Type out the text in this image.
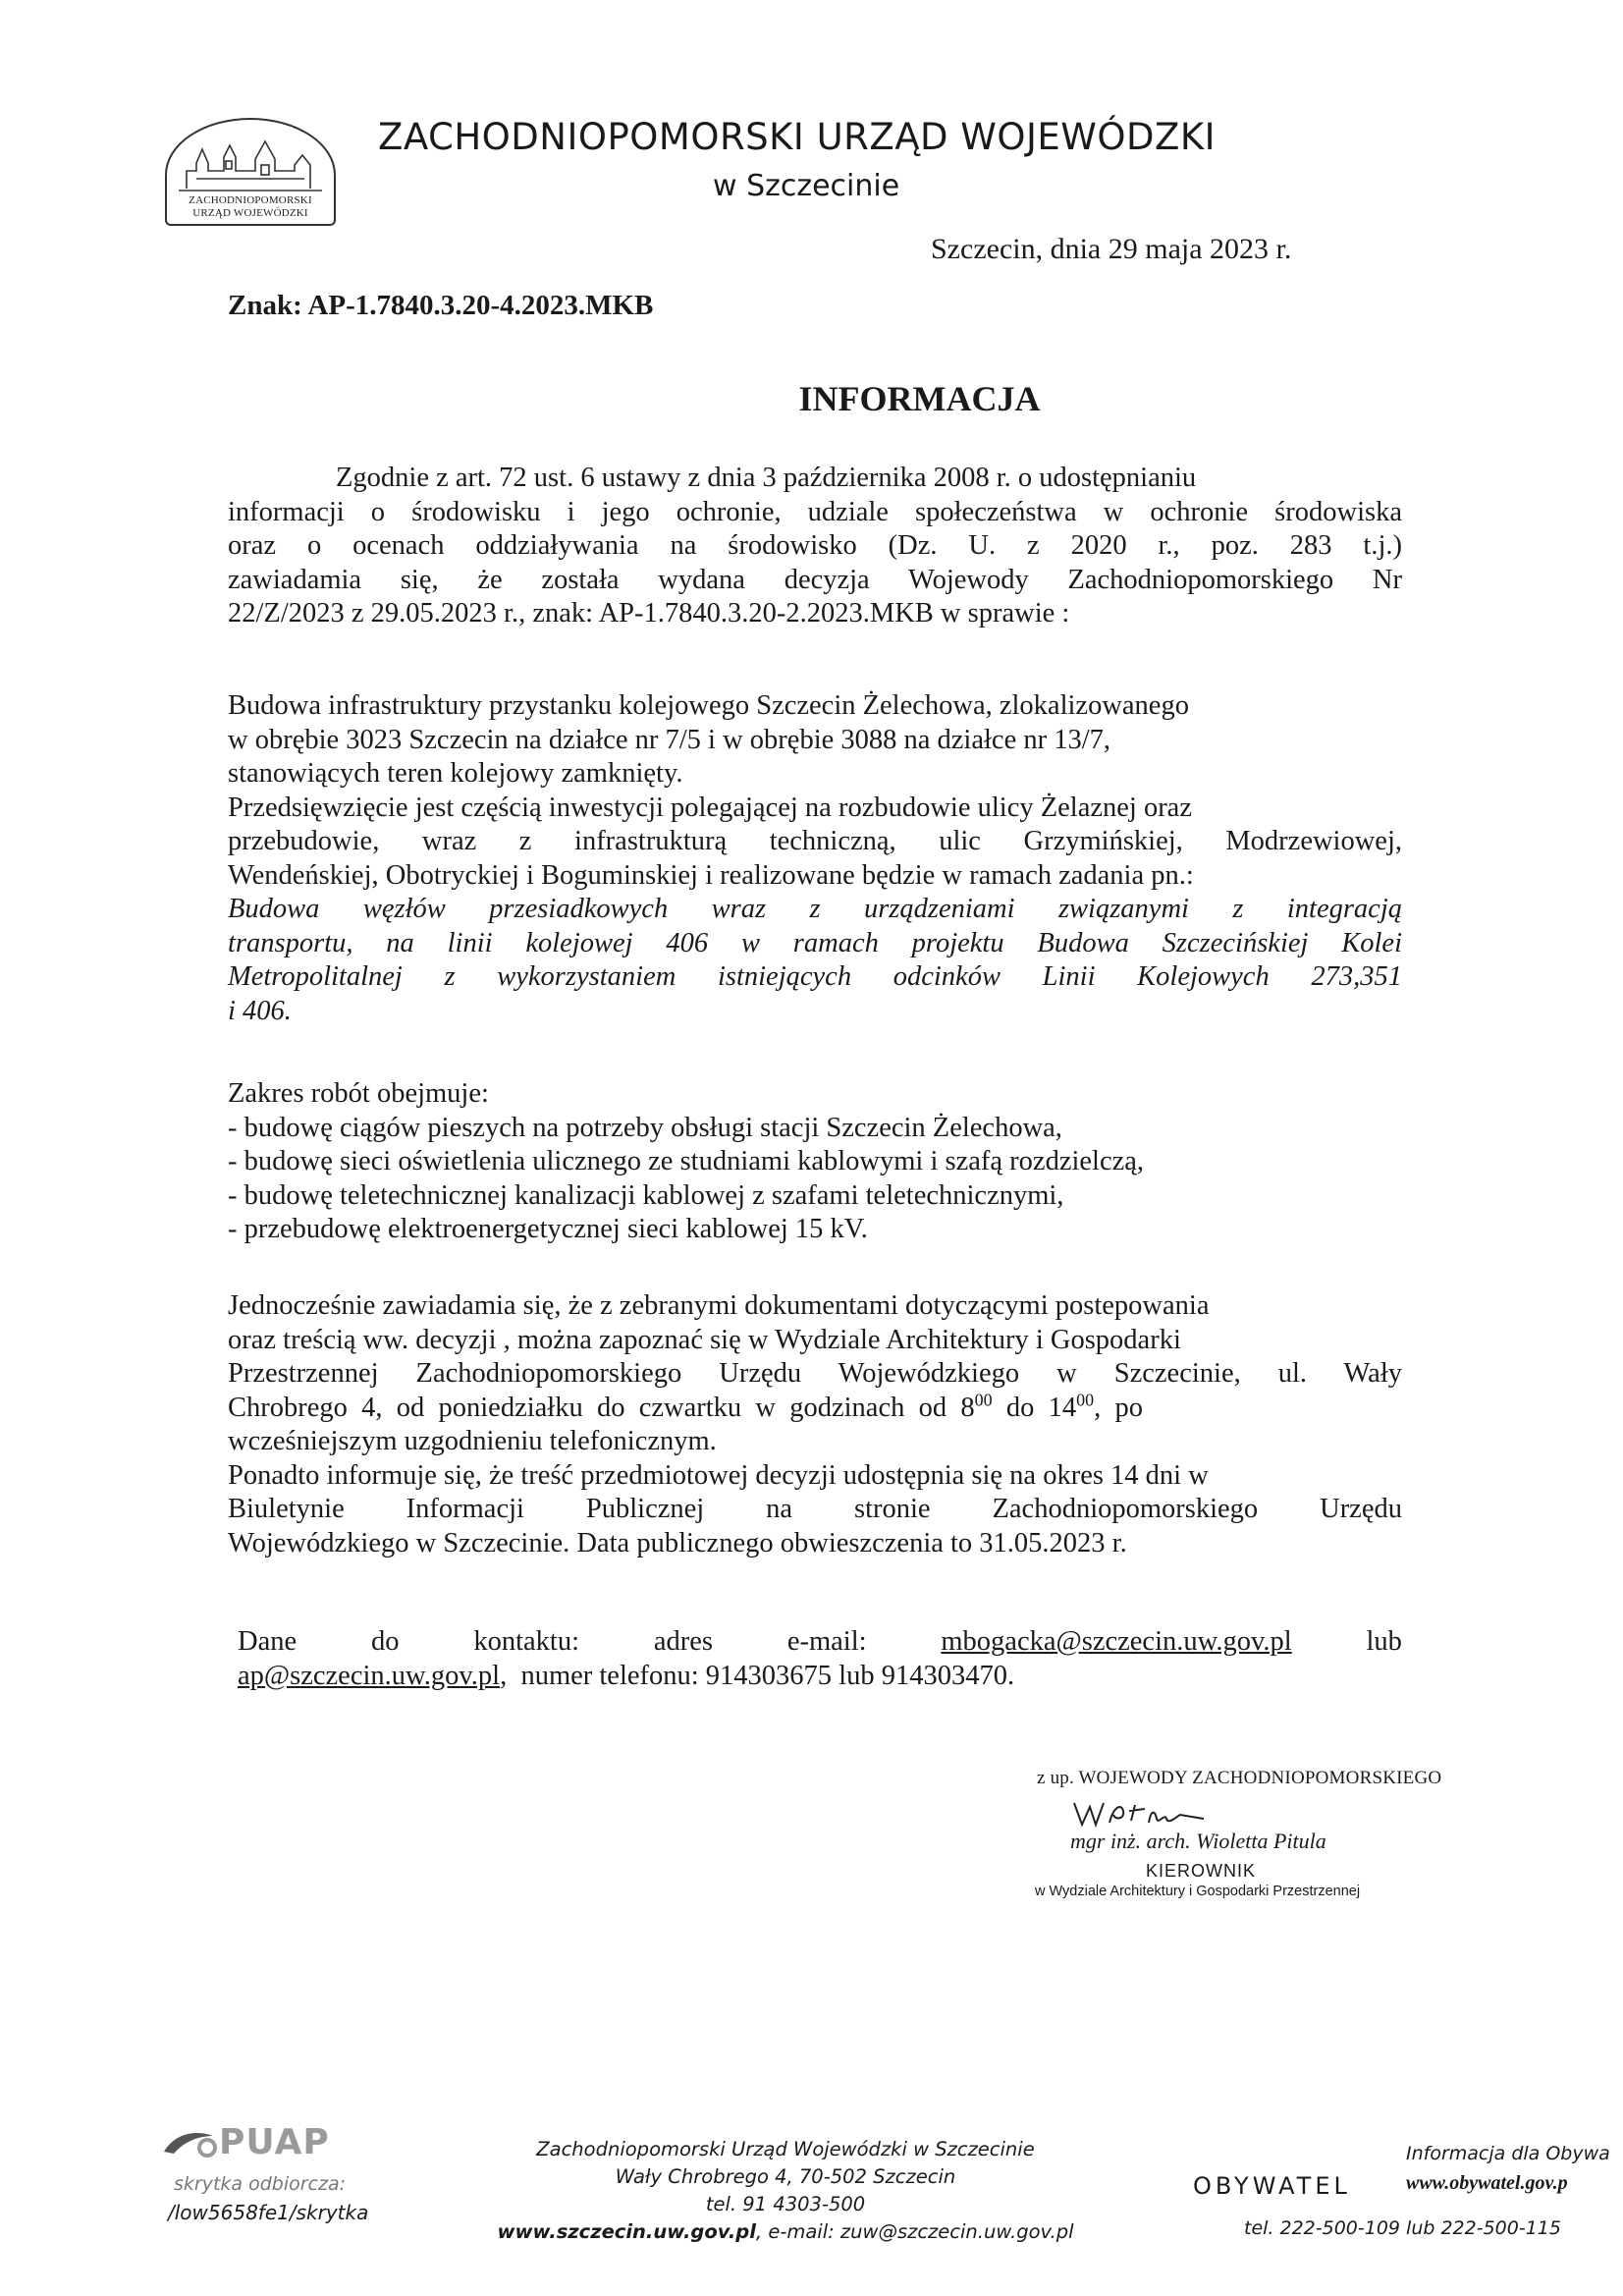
ZACHODNIOPOMORSKI
URZĄD WOJEWÓDZKI
ZACHODNIOPOMORSKI URZĄD WOJEWÓDZKI
w Szczecinie
Szczecin, dnia 29 maja 2023 r.
Znak: AP-1.7840.3.20-4.2023.MKB
INFORMACJA
Zgodnie z art. 72 ust. 6 ustawy z dnia 3 października 2008 r. o udostępnianiu
informacji o środowisku i jego ochronie, udziale społeczeństwa w ochronie środowiska
oraz o ocenach oddziaływania na środowisko (Dz. U. z 2020 r., poz. 283 t.j.)
zawiadamia się, że została wydana decyzja Wojewody Zachodniopomorskiego Nr
22/Z/2023 z 29.05.2023 r., znak: AP-1.7840.3.20-2.2023.MKB w sprawie :
Budowa infrastruktury przystanku kolejowego Szczecin Żelechowa, zlokalizowanego
w obrębie 3023 Szczecin na działce nr 7/5 i w obrębie 3088 na działce nr 13/7,
stanowiących teren kolejowy zamknięty.
Przedsięwzięcie jest częścią inwestycji polegającej na rozbudowie ulicy Żelaznej oraz
przebudowie, wraz z infrastrukturą techniczną, ulic Grzymińskiej, Modrzewiowej,
Wendeńskiej, Obotryckiej i Boguminskiej i realizowane będzie w ramach zadania pn.:
Budowa węzłów przesiadkowych wraz z urządzeniami związanymi z integracją
transportu, na linii kolejowej 406 w ramach projektu Budowa Szczecińskiej Kolei
Metropolitalnej z wykorzystaniem istniejących odcinków Linii Kolejowych 273,351
i 406.
Zakres robót obejmuje:
- budowę ciągów pieszych na potrzeby obsługi stacji Szczecin Żelechowa,
- budowę sieci oświetlenia ulicznego ze studniami kablowymi i szafą rozdzielczą,
- budowę teletechnicznej kanalizacji kablowej z szafami teletechnicznymi,
- przebudowę elektroenergetycznej sieci kablowej 15 kV.
Jednocześnie zawiadamia się, że z zebranymi dokumentami dotyczącymi postepowania
oraz treścią ww. decyzji , można zapoznać się w Wydziale Architektury i Gospodarki
Przestrzennej Zachodniopomorskiego Urzędu Wojewódzkiego w Szczecinie, ul. Wały
Chrobrego  4,  od  poniedziałku  do  czwartku  w  godzinach  od  $8^{00}$  do  $14^{00}$,  po
wcześniejszym uzgodnieniu telefonicznym.
Ponadto informuje się, że treść przedmiotowej decyzji udostępnia się na okres 14 dni w
Biuletynie Informacji Publicznej na stronie Zachodniopomorskiego Urzędu
Wojewódzkiego w Szczecinie. Data publicznego obwieszczenia to 31.05.2023 r.
Dane	do	kontaktu:	adres	e-mail:	mbogacka@szczecin.uw.gov.pl	lub
ap@szczecin.uw.gov.pl,  numer telefonu: 914303675 lub 914303470.
z up. WOJEWODY ZACHODNIOPOMORSKIEGO
mgr inż. arch. Wioletta Pitula
KIEROWNIK
w Wydziale Architektury i Gospodarki Przestrzennej
PUAP
skrytka odbiorcza:
/low5658fe1/skrytka
Zachodniopomorski Urząd Wojewódzki w Szczecinie
Wały Chrobrego 4, 70-502 Szczecin
tel. 91 4303-500
www.szczecin.uw.gov.pl, e-mail: zuw@szczecin.uw.gov.pl
Informacja dla Obywa
OBYWATEL	www.obywatel.gov.p
tel. 222-500-109 lub 222-500-115
